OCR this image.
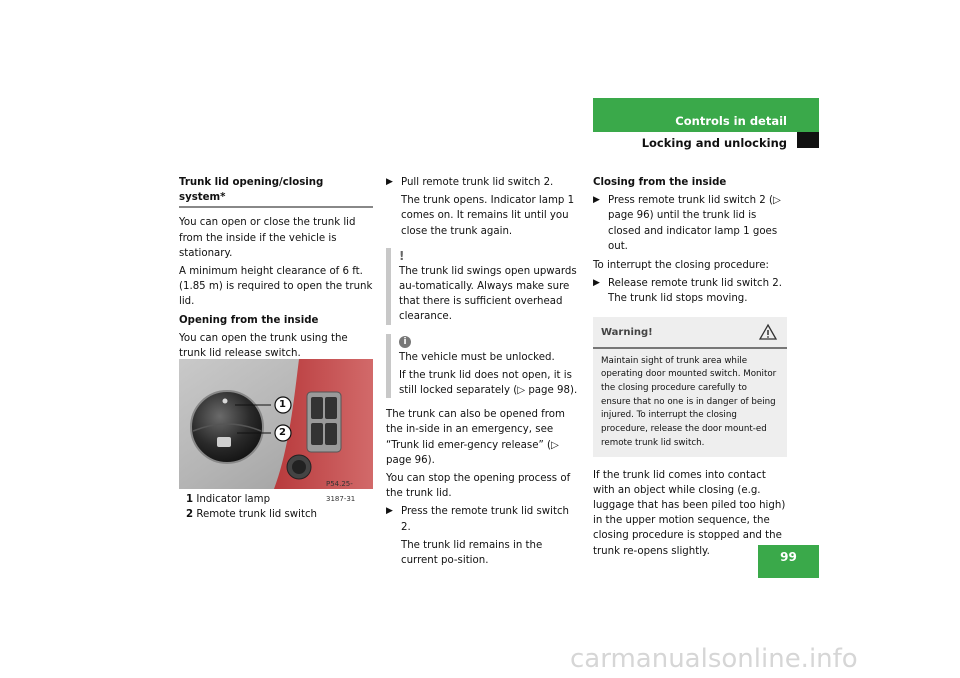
Controls in detail
Locking and unlocking
99

Trunk lid opening/closing system*

You can open or close the trunk lid from the inside if the vehicle is stationary.

A minimum height clearance of 6 ft. (1.85 m) is required to open the trunk lid.

Opening from the inside

You can open the trunk using the trunk lid release switch.

1
2
P54.25-3187-31

1 Indicator lamp

2 Remote trunk lid switch

▶ Pull remote trunk lid switch 2.

The trunk opens. Indicator lamp 1 comes on. It remains lit until you close the trunk again.

!

The trunk lid swings open upwards au-tomatically. Always make sure that there is sufficient overhead clearance.

i

The vehicle must be unlocked.

If the trunk lid does not open, it is still locked separately (▷ page 98).

The trunk can also be opened from the in-side in an emergency, see “Trunk lid emer-gency release” (▷ page 96).

You can stop the opening process of the trunk lid.

▶ Press the remote trunk lid switch 2.

The trunk lid remains in the current po-sition.

Closing from the inside

▶ Press remote trunk lid switch 2 (▷ page 96) until the trunk lid is closed and indicator lamp 1 goes out.

To interrupt the closing procedure:

▶ Release remote trunk lid switch 2. The trunk lid stops moving.

Warning!

Maintain sight of trunk area while operating door mounted switch. Monitor the closing procedure carefully to ensure that no one is in danger of being injured. To interrupt the closing procedure, release the door mount-ed remote trunk lid switch.

If the trunk lid comes into contact with an object while closing (e.g. luggage that has been piled too high) in the upper motion sequence, the closing procedure is stopped and the trunk re-opens slightly.

carmanualsonline.info
